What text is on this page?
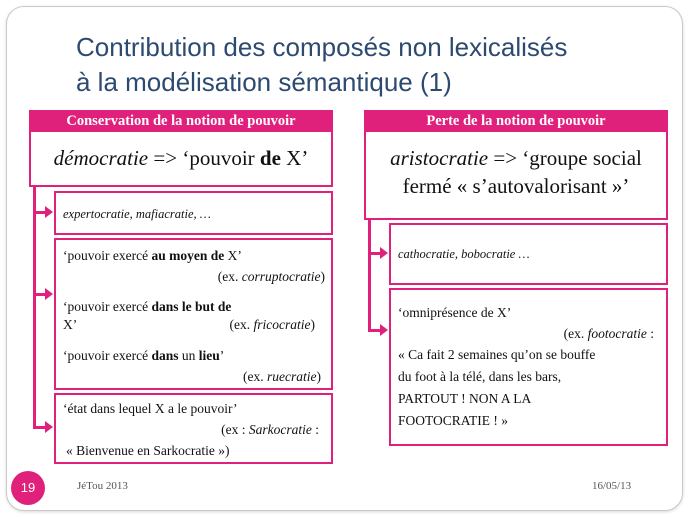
Contribution des composés non lexicalisés
à la modélisation sémantique (1)
Conservation de la notion de pouvoir
démocratie => ‘pouvoir de X’
expertocratie, mafiacratie, …
‘pouvoir exercé au moyen de X’
(ex. corruptocratie)
‘pouvoir exercé dans le but de
X’	(ex. fricocratie)
‘pouvoir exercé dans un lieu’
(ex. ruecratie)
‘état dans lequel X a le pouvoir’
(ex : Sarkocratie :
« Bienvenue en Sarkocratie »)
Perte de la notion de pouvoir
aristocratie => ‘groupe social
fermé « s’autovalorisant »’
cathocratie, bobocratie …
‘omniprésence de X’
(ex. footocratie :
« Ca fait 2 semaines qu’on se bouffe
du foot à la télé, dans les bars,
PARTOUT ! NON A LA
FOOTOCRATIE ! »
19	JéTou 2013	16/05/13
